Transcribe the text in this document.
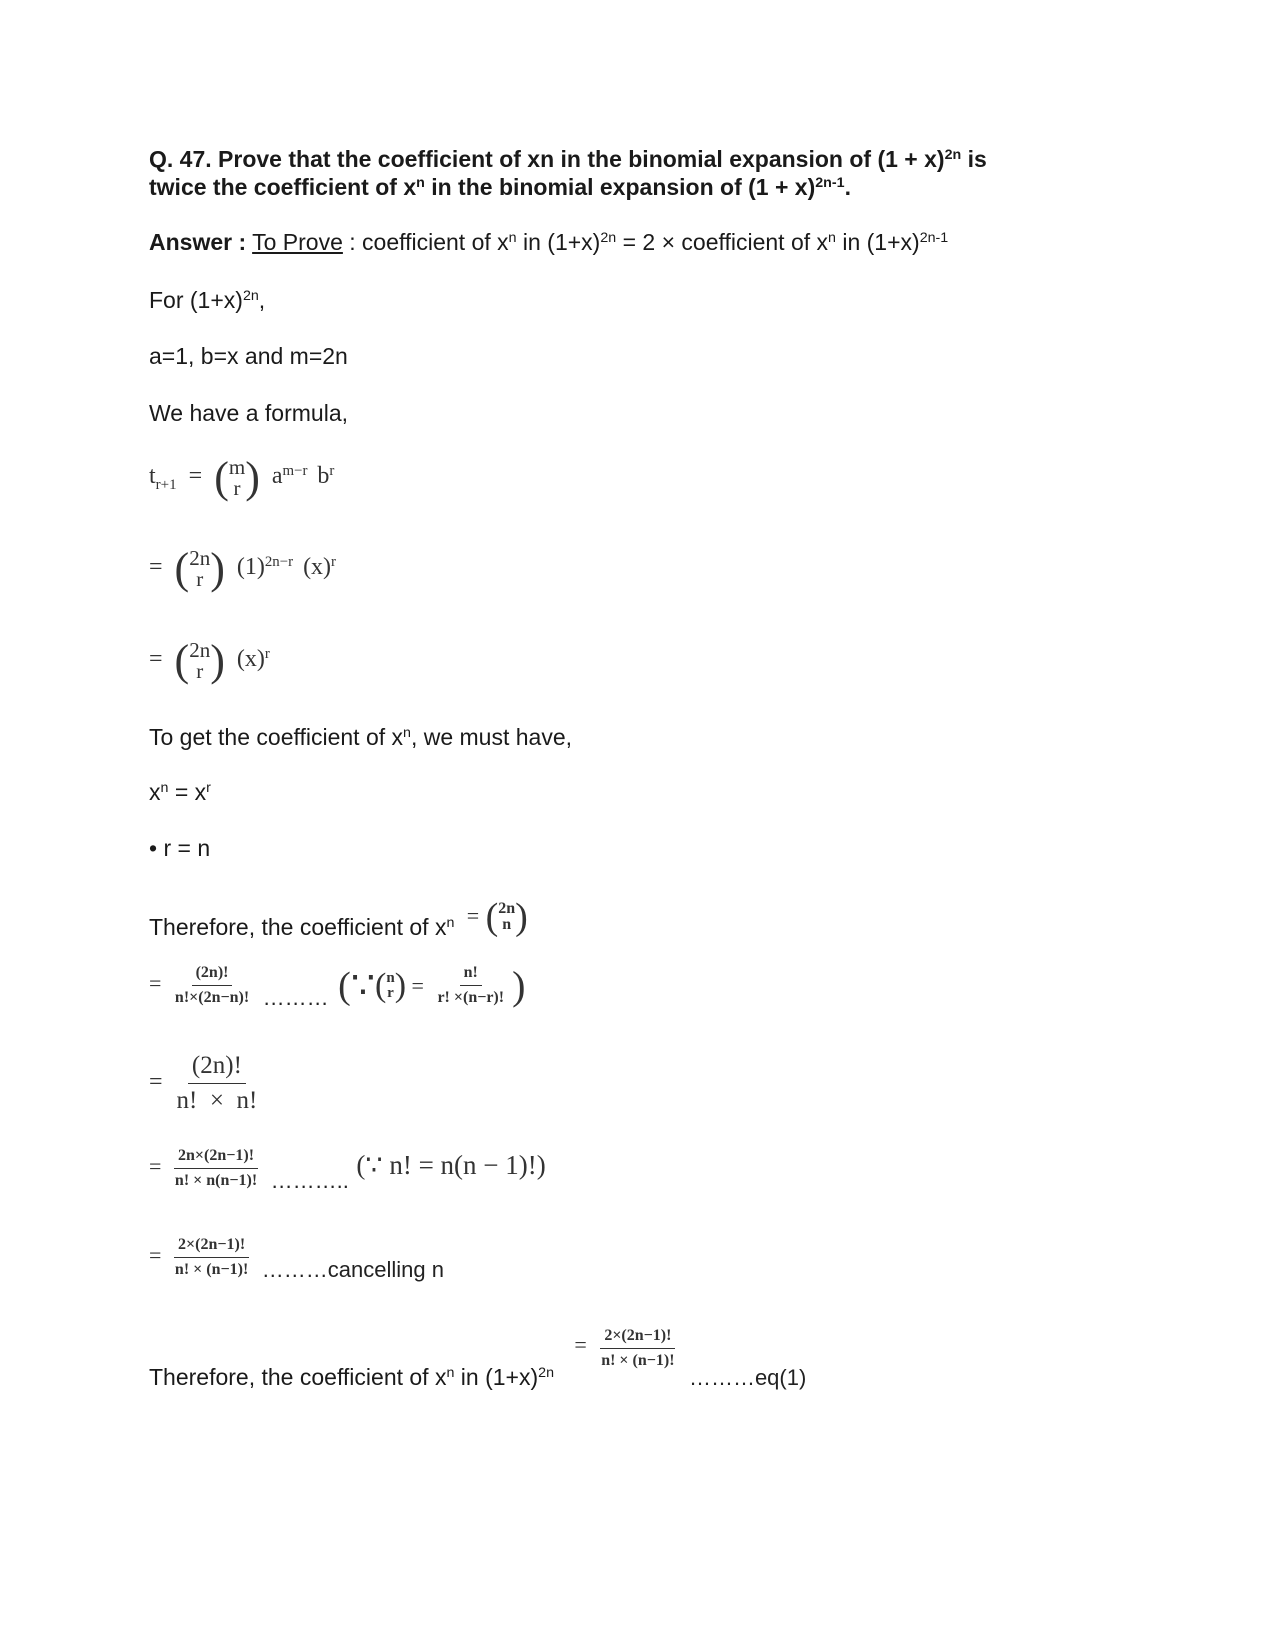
Q. 47. Prove that the coefficient of xn in the binomial expansion of $(1 + x)^{2n}$ is
twice the coefficient of $x^n$ in the binomial expansion of $(1 + x)^{2n-1}$.
Answer : To Prove : coefficient of $x^n$ in $(1+x)^{2n} = 2$ × coefficient of $x^n$ in $(1+x)^{2n-1}$
For $(1+x)^{2n}$,
a=1, b=x and m=2n
We have a formula,
$t_{r+1}$ = ( m
r ) $a^{m-r}$ $b^r$
= ( 2n
r ) $(1)^{2n-r}$ $(x)^r$
= ( 2n
r ) $(x)^r$
To get the coefficient of $x^n$, we must have,
$x^n = x^r$
• r = n
Therefore, the coefficient of $x^n$ = ( 2n
n )
= $\frac{(2n)!}{n!\times(2n-n)!}$ ……… (∵ ( n
r ) = $\frac{n!}{r! \times(n-r)!}$ )
= $\frac{(2n)!}{n! \times n!}$
= $\frac{2n\times(2n-1)!}{n! \times n(n-1)!}$ ……….. (∵ n! = n(n − 1)!)
= $\frac{2\times(2n-1)!}{n! \times (n-1)!}$ ………cancelling n
Therefore, the coefficient of $x^n$ in $(1+x)^{2n} = \frac{2\times(2n-1)!}{n! \times (n-1)!}$
………eq(1)
